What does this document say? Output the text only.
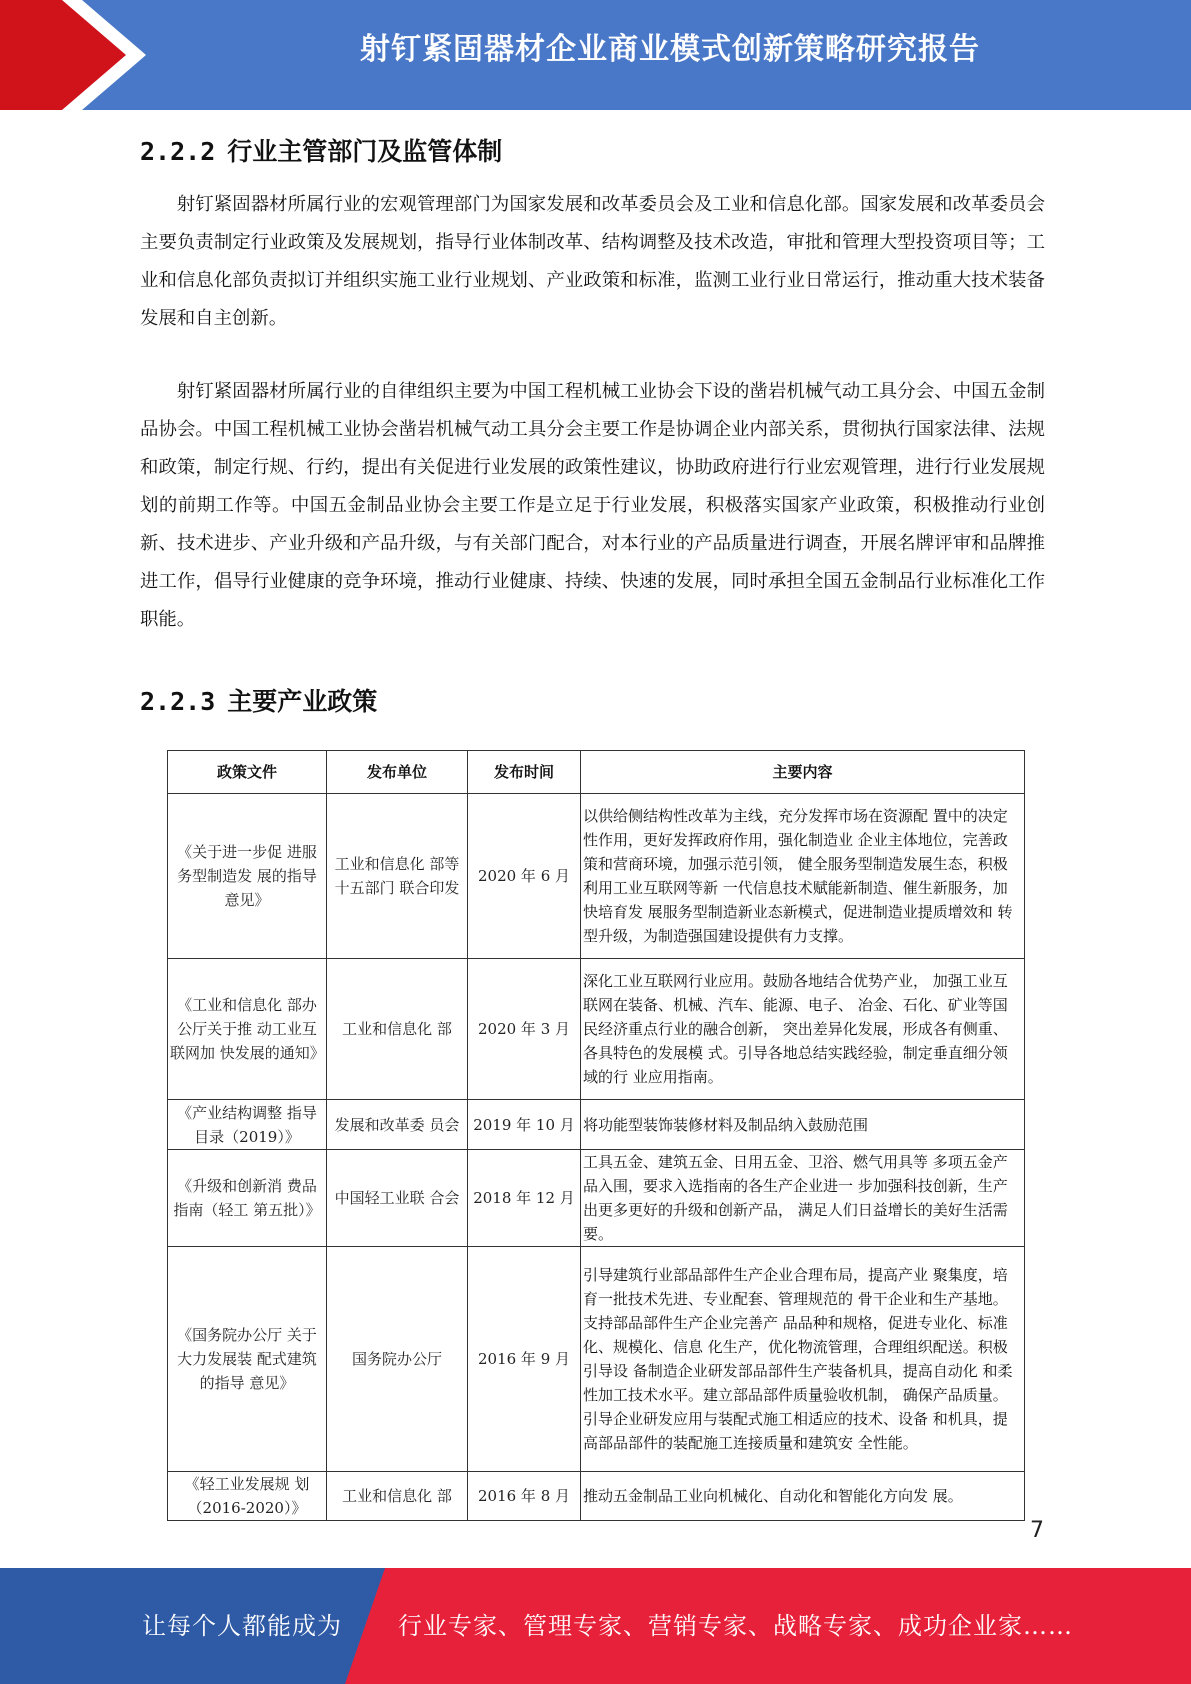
射钉紧固器材企业商业模式创新策略研究报告
2.2.2 行业主管部门及监管体制

射钉紧固器材所属行业的宏观管理部门为国家发展和改革委员会及工业和信息化部。国家发展和改革委员会主要负责制定行业政策及发展规划，指导行业体制改革、结构调整及技术改造，审批和管理大型投资项目等；工业和信息化部负责拟订并组织实施工业行业规划、产业政策和标准，监测工业行业日常运行，推动重大技术装备发展和自主创新。

射钉紧固器材所属行业的自律组织主要为中国工程机械工业协会下设的凿岩机械气动工具分会、中国五金制品协会。中国工程机械工业协会凿岩机械气动工具分会主要工作是协调企业内部关系，贯彻执行国家法律、法规和政策，制定行规、行约，提出有关促进行业发展的政策性建议，协助政府进行行业宏观管理，进行行业发展规划的前期工作等。中国五金制品业协会主要工作是立足于行业发展，积极落实国家产业政策，积极推动行业创新、技术进步、产业升级和产品升级，与有关部门配合，对本行业的产品质量进行调查，开展名牌评审和品牌推进工作，倡导行业健康的竞争环境，推动行业健康、持续、快速的发展，同时承担全国五金制品行业标准化工作职能。

2.2.3 主要产业政策
政策文件	发布单位	发布时间	主要内容
《关于进一步促 进服务型制造发 展的指导意见》	工业和信息化 部等十五部门 联合印发	2020 年 6 月	以供给侧结构性改革为主线，充分发挥市场在资源配 置中的决定性作用，更好发挥政府作用，强化制造业 企业主体地位，完善政策和营商环境，加强示范引领， 健全服务型制造发展生态，积极利用工业互联网等新 一代信息技术赋能新制造、催生新服务，加快培育发 展服务型制造新业态新模式，促进制造业提质增效和 转型升级，为制造强国建设提供有力支撑。
《工业和信息化 部办公厅关于推 动工业互联网加 快发展的通知》	工业和信息化 部	2020 年 3 月	深化工业互联网行业应用。鼓励各地结合优势产业， 加强工业互联网在装备、机械、汽车、能源、电子、 冶金、石化、矿业等国民经济重点行业的融合创新， 突出差异化发展，形成各有侧重、各具特色的发展模 式。引导各地总结实践经验，制定垂直细分领域的行 业应用指南。
《产业结构调整 指导目录（2019）》	发展和改革委 员会	2019 年 10 月	将功能型装饰装修材料及制品纳入鼓励范围
《升级和创新消 费品指南（轻工 第五批）》	中国轻工业联 合会	2018 年 12 月	工具五金、建筑五金、日用五金、卫浴、燃气用具等 多项五金产品入围，要求入选指南的各生产企业进一 步加强科技创新，生产出更多更好的升级和创新产品， 满足人们日益增长的美好生活需要。
《国务院办公厅 关于大力发展装 配式建筑的指导 意见》	国务院办公厅	2016 年 9 月	引导建筑行业部品部件生产企业合理布局，提高产业 聚集度，培育一批技术先进、专业配套、管理规范的 骨干企业和生产基地。支持部品部件生产企业完善产 品品种和规格，促进专业化、标准化、规模化、信息 化生产，优化物流管理，合理组织配送。积极引导设 备制造企业研发部品部件生产装备机具，提高自动化 和柔性加工技术水平。建立部品部件质量验收机制， 确保产品质量。
引导企业研发应用与装配式施工相适应的技术、设备 和机具，提高部品部件的装配施工连接质量和建筑安 全性能。
《轻工业发展规 划（2016-2020）》	工业和信息化 部	2016 年 8 月	推动五金制品工业向机械化、自动化和智能化方向发 展。
7
让每个人都能成为 行业专家、管理专家、营销专家、战略专家、成功企业家……
